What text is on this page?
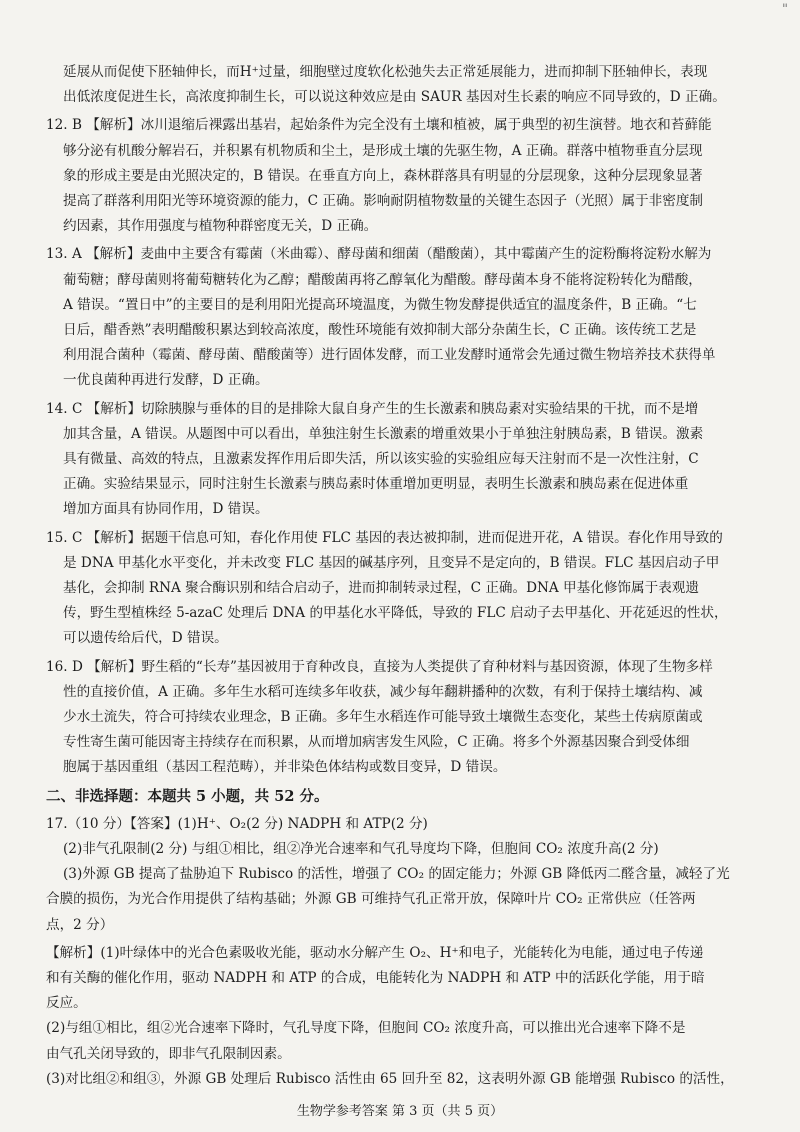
"
延展从而促使下胚轴伸长，而H⁺过量，细胞壁过度软化松弛失去正常延展能力，进而抑制下胚轴伸长，表现
出低浓度促进生长，高浓度抑制生长，可以说这种效应是由 SAUR 基因对生长素的响应不同导致的，D 正确。
12. B 【解析】冰川退缩后裸露出基岩，起始条件为完全没有土壤和植被，属于典型的初生演替。地衣和苔藓能
够分泌有机酸分解岩石，并积累有机物质和尘土，是形成土壤的先驱生物，A 正确。群落中植物垂直分层现
象的形成主要是由光照决定的，B 错误。在垂直方向上，森林群落具有明显的分层现象，这种分层现象显著
提高了群落利用阳光等环境资源的能力，C 正确。影响耐阴植物数量的关键生态因子（光照）属于非密度制
约因素，其作用强度与植物种群密度无关，D 正确。
13. A 【解析】麦曲中主要含有霉菌（米曲霉）、酵母菌和细菌（醋酸菌），其中霉菌产生的淀粉酶将淀粉水解为
葡萄糖；酵母菌则将葡萄糖转化为乙醇；醋酸菌再将乙醇氧化为醋酸。酵母菌本身不能将淀粉转化为醋酸，
A 错误。“置日中”的主要目的是利用阳光提高环境温度，为微生物发酵提供适宜的温度条件，B 正确。“七
日后，醋香熟”表明醋酸积累达到较高浓度，酸性环境能有效抑制大部分杂菌生长，C 正确。该传统工艺是
利用混合菌种（霉菌、酵母菌、醋酸菌等）进行固体发酵，而工业发酵时通常会先通过微生物培养技术获得单
一优良菌种再进行发酵，D 正确。
14. C 【解析】切除胰腺与垂体的目的是排除大鼠自身产生的生长激素和胰岛素对实验结果的干扰，而不是增
加其含量，A 错误。从题图中可以看出，单独注射生长激素的增重效果小于单独注射胰岛素，B 错误。激素
具有微量、高效的特点，且激素发挥作用后即失活，所以该实验的实验组应每天注射而不是一次性注射，C
正确。实验结果显示，同时注射生长激素与胰岛素时体重增加更明显，表明生长激素和胰岛素在促进体重
增加方面具有协同作用，D 错误。
15. C 【解析】据题干信息可知，春化作用使 FLC 基因的表达被抑制，进而促进开花，A 错误。春化作用导致的
是 DNA 甲基化水平变化，并未改变 FLC 基因的碱基序列，且变异不是定向的，B 错误。FLC 基因启动子甲
基化，会抑制 RNA 聚合酶识别和结合启动子，进而抑制转录过程，C 正确。DNA 甲基化修饰属于表观遗
传，野生型植株经 5-azaC 处理后 DNA 的甲基化水平降低，导致的 FLC 启动子去甲基化、开花延迟的性状，
可以遗传给后代，D 错误。
16. D 【解析】野生稻的“长寿”基因被用于育种改良，直接为人类提供了育种材料与基因资源，体现了生物多样
性的直接价值，A 正确。多年生水稻可连续多年收获，减少每年翻耕播种的次数，有利于保持土壤结构、减
少水土流失，符合可持续农业理念，B 正确。多年生水稻连作可能导致土壤微生态变化，某些土传病原菌或
专性寄生菌可能因寄主持续存在而积累，从而增加病害发生风险，C 正确。将多个外源基因聚合到受体细
胞属于基因重组（基因工程范畴），并非染色体结构或数目变异，D 错误。
二、非选择题：本题共 5 小题，共 52 分。
17.（10 分）【答案】(1)H⁺、O₂(2 分) NADPH 和 ATP(2 分)
(2)非气孔限制(2 分) 与组①相比，组②净光合速率和气孔导度均下降，但胞间 CO₂ 浓度升高(2 分)
(3)外源 GB 提高了盐胁迫下 Rubisco 的活性，增强了 CO₂ 的固定能力；外源 GB 降低丙二醛含量，减轻了光
合膜的损伤，为光合作用提供了结构基础；外源 GB 可维持气孔正常开放，保障叶片 CO₂ 正常供应（任答两
点，2 分）
【解析】(1)叶绿体中的光合色素吸收光能，驱动水分解产生 O₂、H⁺和电子，光能转化为电能，通过电子传递
和有关酶的催化作用，驱动 NADPH 和 ATP 的合成，电能转化为 NADPH 和 ATP 中的活跃化学能，用于暗
反应。
(2)与组①相比，组②光合速率下降时，气孔导度下降，但胞间 CO₂ 浓度升高，可以推出光合速率下降不是
由气孔关闭导致的，即非气孔限制因素。
(3)对比组②和组③，外源 GB 处理后 Rubisco 活性由 65 回升至 82，这表明外源 GB 能增强 Rubisco 的活性，
生物学参考答案 第 3 页（共 5 页）
